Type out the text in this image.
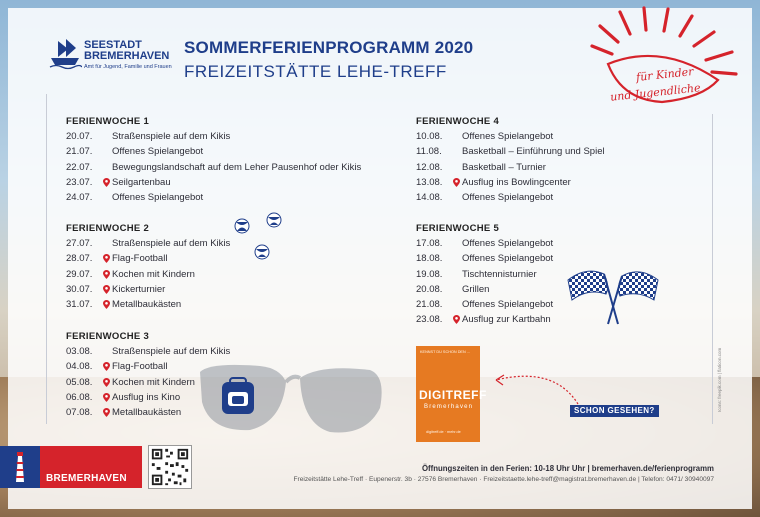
SEESTADT
BREMERHAVEN
Amt für Jugend, Familie und Frauen
SOMMERFERIENPROGRAMM 2020
FREIZEITSTÄTTE LEHE-TREFF	für Kinder
und Jugendliche
FERIENWOCHE 1
20.07. Straßenspiele auf dem Kikis
21.07. Offenes Spielangebot
22.07. Bewegungslandschaft auf dem Leher Pausenhof oder Kikis
23.07. Seilgartenbau
24.07. Offenes Spielangebot
FERIENWOCHE 2
27.07. Straßenspiele auf dem Kikis
28.07. Flag-Football
29.07. Kochen mit Kindern
30.07. Kickerturnier
31.07. Metallbaukästen
FERIENWOCHE 3
03.08. Straßenspiele auf dem Kikis
04.08. Flag-Football
05.08. Kochen mit Kindern
06.08. Ausflug ins Kino
07.08. Metallbaukästen
FERIENWOCHE 4
10.08. Offenes Spielangebot
11.08. Basketball – Einführung und Spiel
12.08. Basketball – Turnier
13.08. Ausflug ins Bowlingcenter
14.08. Offenes Spielangebot
FERIENWOCHE 5
17.08. Offenes Spielangebot
18.08. Offenes Spielangebot
19.08. Tischtennisturnier
20.08. Grillen
21.08. Offenes Spielangebot
23.08. Ausflug zur Kartbahn
KENNST DU SCHON DEN ...
DIGITREFF
Bremerhaven
digitreff.de · mehr.de
SCHON GESEHEN?	Icons: freepik.com | flaticon.com
BREMERHAVEN
Öffnungszeiten in den Ferien: 10-18 Uhr Uhr | bremerhaven.de/ferienprogramm
Freizeitstätte Lehe-Treff · Eupenerstr. 3b · 27576 Bremerhaven · Freizeitstaette.lehe-treff@magistrat.bremerhaven.de | Telefon: 0471/ 30940097
